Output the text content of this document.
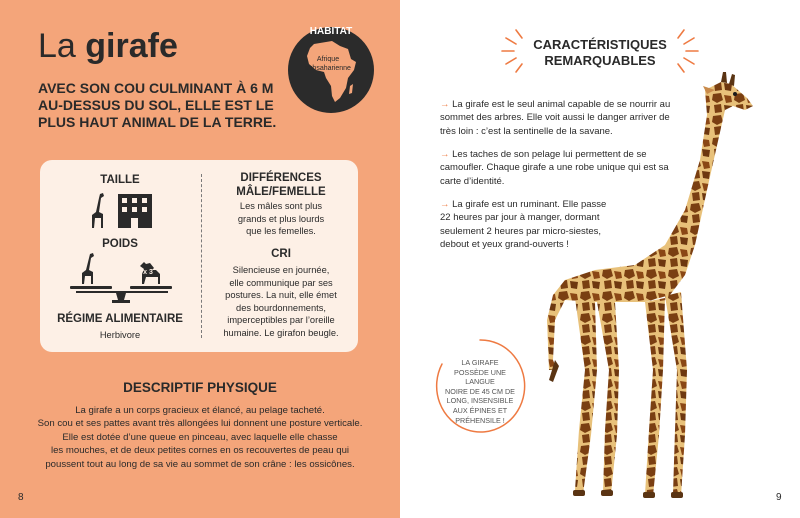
La girafe
AVEC SON COU CULMINANT À 6 M AU-DESSUS DU SOL, ELLE EST LE PLUS HAUT ANIMAL DE LA TERRE.
HABITAT
Afrique
subsaharienne
TAILLE
POIDS
x 3
RÉGIME ALIMENTAIRE
Herbivore
DIFFÉRENCES
MÂLE/FEMELLE
Les mâles sont plus
grands et plus lourds
que les femelles.
CRI
Silencieuse en journée,
elle communique par ses
postures. La nuit, elle émet
des bourdonnements,
imperceptibles par l’oreille
humaine. Le girafon beugle.
DESCRIPTIF PHYSIQUE
La girafe a un corps gracieux et élancé, au pelage tacheté.
Son cou et ses pattes avant très allongées lui donnent une posture verticale.
Elle est dotée d’une queue en pinceau, avec laquelle elle chasse
les mouches, et de deux petites cornes en os recouvertes de peau qui
poussent tout au long de sa vie au sommet de son crâne : les ossicônes.
8
CARACTÉRISTIQUES
REMARQUABLES
→ La girafe est le seul animal capable de se nourrir au
sommet des arbres. Elle voit aussi le danger arriver de
très loin : c’est la sentinelle de la savane.
→ Les taches de son pelage lui permettent de se
camoufler. Chaque girafe a une robe unique qui est sa
carte d’identité.
→ La girafe est un ruminant. Elle passe
22 heures par jour à manger, dormant
seulement 2 heures par micro-siestes,
debout et yeux grand-ouverts !
LA GIRAFE
POSSÈDE UNE LANGUE
NOIRE DE 45 CM DE
LONG, INSENSIBLE
AUX ÉPINES ET
PRÉHENSILE !
9
